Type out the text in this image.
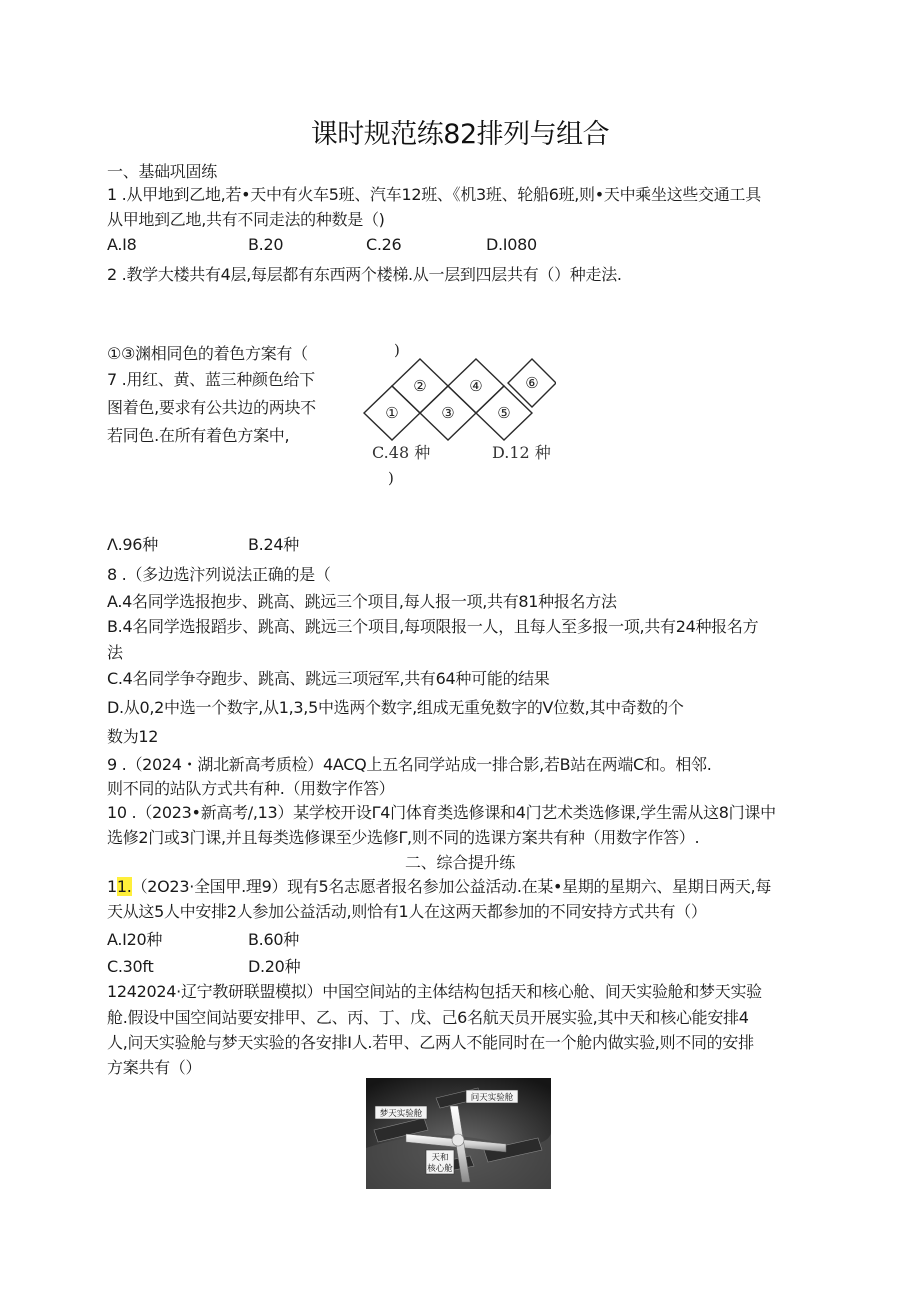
课时规范练82排列与组合
一、基础巩固练
1 .从甲地到乙地,若•天中有火车5班、汽车12班、《机3班、轮船6班,则•天中乘坐这些交通工具
从甲地到乙地,共有不同走法的种数是（)
A.I8	B.20	C.26	D.I080
2 .教学大楼共有4层,每层都有东西两个楼梯.从一层到四层共有（）种走法.
①③渊相同色的着色方案有（
7 .用红、黄、蓝三种颜色给下
图着色,要求有公共边的两块不
若同色.在所有着色方案中,
)
①
②
③
④
⑤
⑥
C.48 种	D.12 种
)
Λ.96种	B.24种
8 .（多边选汴列说法正确的是（
A.4名同学选报抱步、跳高、跳远三个项目,每人报一项,共有81种报名方法
B.4名同学选报蹈步、跳高、跳远三个项目,每项限报一人，且每人至多报一项,共有24种报名方
法
C.4名同学争夺跑步、跳高、跳远三项冠军,共有64种可能的结果
D.从0,2中选一个数字,从1,3,5中选两个数字,组成无重免数字的V位数,其中奇数的个
数为12
9 .（2024・湖北新高考质检）4ACQ上五名同学站成一排合影,若B站在两端C和。相邻.
则不同的站队方式共有种.（用数字作答）
10 .（2023•新高考/,13）某学校开设Γ4门体育类选修课和4门艺术类选修课,学生需从这8门课中
选修2门或3门课,并且每类选修课至少选修Γ,则不同的选课方案共有种（用数字作答）.
二、综合提升练
11.（2O23·全国甲.理9）现有5名志愿者报名参加公益活动.在某•星期的星期六、星期日两天,每
天从这5人中安排2人参加公益活动,则恰有1人在这两天都参加的不同安持方式共有（）
A.I20种	B.60种
C.30ft	D.20种
1242024·辽宁教研联盟模拟）中国空间站的主体结构包括天和核心舱、间天实验舱和梦天实验
舱.假设中国空间站要安排甲、乙、丙、丁、戊、己6名航天员开展实验,其中天和核心能安排4
人,问天实验舱与梦天实验的各安排I人.若甲、乙两人不能同时在一个舱内做实验,则不同的安排
方案共有（）
梦天实验舱
问天实验舱
天和
核心舱
